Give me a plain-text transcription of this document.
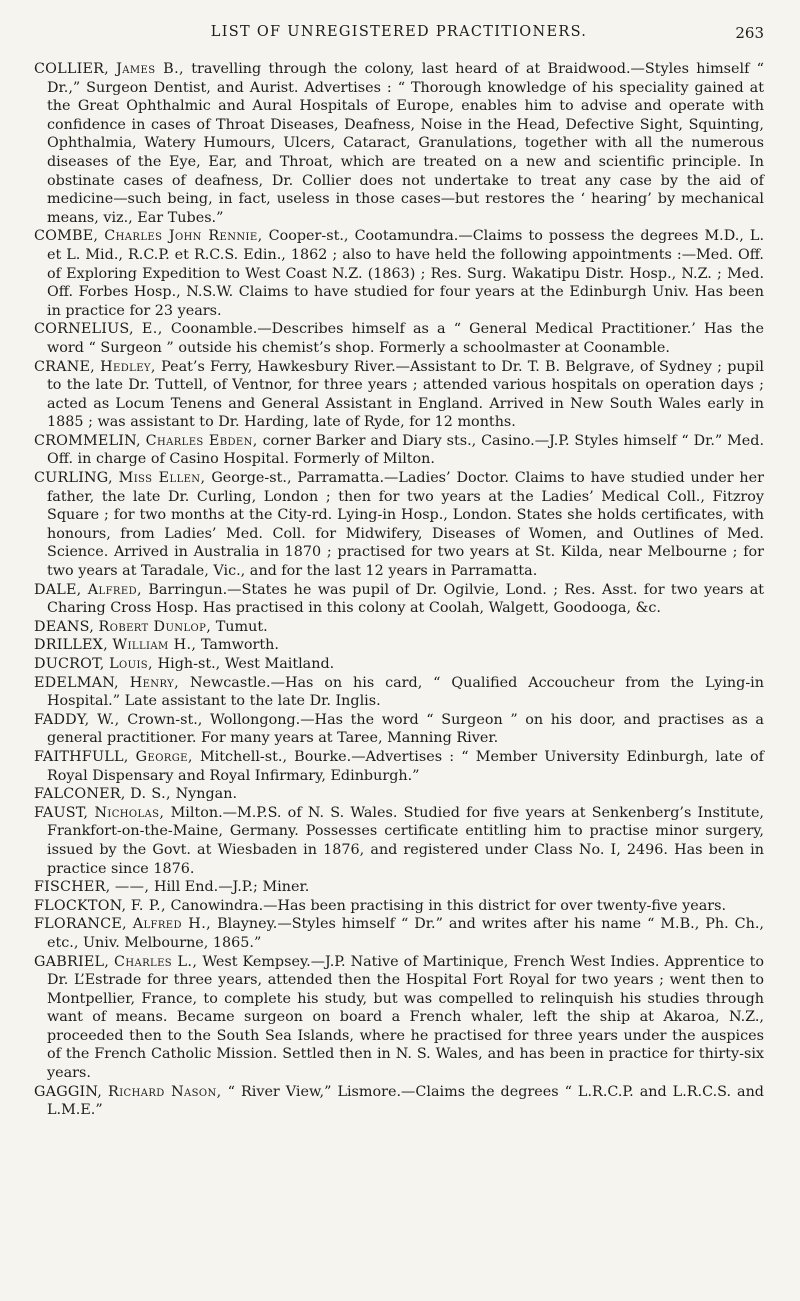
LIST OF UNREGISTERED PRACTITIONERS.	263

COLLIER, James B., travelling through the colony, last heard of at Braidwood.—Styles himself “ Dr.,” Surgeon Dentist, and Aurist. Advertises : “ Thorough knowledge of his speciality gained at the Great Ophthalmic and Aural Hospitals of Europe, enables him to advise and operate with confidence in cases of Throat Diseases, Deafness, Noise in the Head, Defective Sight, Squinting, Ophthalmia, Watery Humours, Ulcers, Cataract, Granulations, together with all the numerous diseases of the Eye, Ear, and Throat, which are treated on a new and scientific principle. In obstinate cases of deafness, Dr. Collier does not undertake to treat any case by the aid of medicine—such being, in fact, useless in those cases—but restores the ‘ hearing’ by mechanical means, viz., Ear Tubes.”

COMBE, Charles John Rennie, Cooper-st., Cootamundra.—Claims to possess the degrees M.D., L. et L. Mid., R.C.P. et R.C.S. Edin., 1862 ; also to have held the following appointments :—Med. Off. of Exploring Expedition to West Coast N.Z. (1863) ; Res. Surg. Wakatipu Distr. Hosp., N.Z. ; Med. Off. Forbes Hosp., N.S.W. Claims to have studied for four years at the Edinburgh Univ. Has been in practice for 23 years.

CORNELIUS, E., Coonamble.—Describes himself as a “ General Medical Practitioner.’ Has the word “ Surgeon ” outside his chemist’s shop. Formerly a schoolmaster at Coonamble.

CRANE, Hedley, Peat’s Ferry, Hawkesbury River.—Assistant to Dr. T. B. Belgrave, of Sydney ; pupil to the late Dr. Tuttell, of Ventnor, for three years ; attended various hospitals on operation days ; acted as Locum Tenens and General Assistant in England. Arrived in New South Wales early in 1885 ; was assistant to Dr. Harding, late of Ryde, for 12 months.

CROMMELIN, Charles Ebden, corner Barker and Diary sts., Casino.—J.P. Styles himself “ Dr.” Med. Off. in charge of Casino Hospital. Formerly of Milton.

CURLING, Miss Ellen, George-st., Parramatta.—Ladies’ Doctor. Claims to have studied under her father, the late Dr. Curling, London ; then for two years at the Ladies’ Medical Coll., Fitzroy Square ; for two months at the City-rd. Lying-in Hosp., London. States she holds certificates, with honours, from Ladies’ Med. Coll. for Midwifery, Diseases of Women, and Outlines of Med. Science. Arrived in Australia in 1870 ; practised for two years at St. Kilda, near Melbourne ; for two years at Taradale, Vic., and for the last 12 years in Parramatta.

DALE, Alfred, Barringun.—States he was pupil of Dr. Ogilvie, Lond. ; Res. Asst. for two years at Charing Cross Hosp. Has practised in this colony at Coolah, Walgett, Goodooga, &c.

DEANS, Robert Dunlop, Tumut.

DRILLEX, William H., Tamworth.

DUCROT, Louis, High-st., West Maitland.

EDELMAN, Henry, Newcastle.—Has on his card, “ Qualified Accoucheur from the Lying-in Hospital.” Late assistant to the late Dr. Inglis.

FADDY, W., Crown-st., Wollongong.—Has the word “ Surgeon ” on his door, and practises as a general practitioner. For many years at Taree, Manning River.

FAITHFULL, George, Mitchell-st., Bourke.—Advertises : “ Member University Edinburgh, late of Royal Dispensary and Royal Infirmary, Edinburgh.”

FALCONER, D. S., Nyngan.

FAUST, Nicholas, Milton.—M.P.S. of N. S. Wales. Studied for five years at Senkenberg’s Institute, Frankfort-on-the-Maine, Germany. Possesses certificate entitling him to practise minor surgery, issued by the Govt. at Wiesbaden in 1876, and registered under Class No. I, 2496. Has been in practice since 1876.

FISCHER, ——, Hill End.—J.P.; Miner.

FLOCKTON, F. P., Canowindra.—Has been practising in this district for over twenty-five years.

FLORANCE, Alfred H., Blayney.—Styles himself “ Dr.” and writes after his name “ M.B., Ph. Ch., etc., Univ. Melbourne, 1865.”

GABRIEL, Charles L., West Kempsey.—J.P. Native of Martinique, French West Indies. Apprentice to Dr. L’Estrade for three years, attended then the Hospital Fort Royal for two years ; went then to Montpellier, France, to complete his study, but was compelled to relinquish his studies through want of means. Became surgeon on board a French whaler, left the ship at Akaroa, N.Z., proceeded then to the South Sea Islands, where he practised for three years under the auspices of the French Catholic Mission. Settled then in N. S. Wales, and has been in practice for thirty-six years.

GAGGIN, Richard Nason, “ River View,” Lismore.—Claims the degrees “ L.R.C.P. and L.R.C.S. and L.M.E.”
